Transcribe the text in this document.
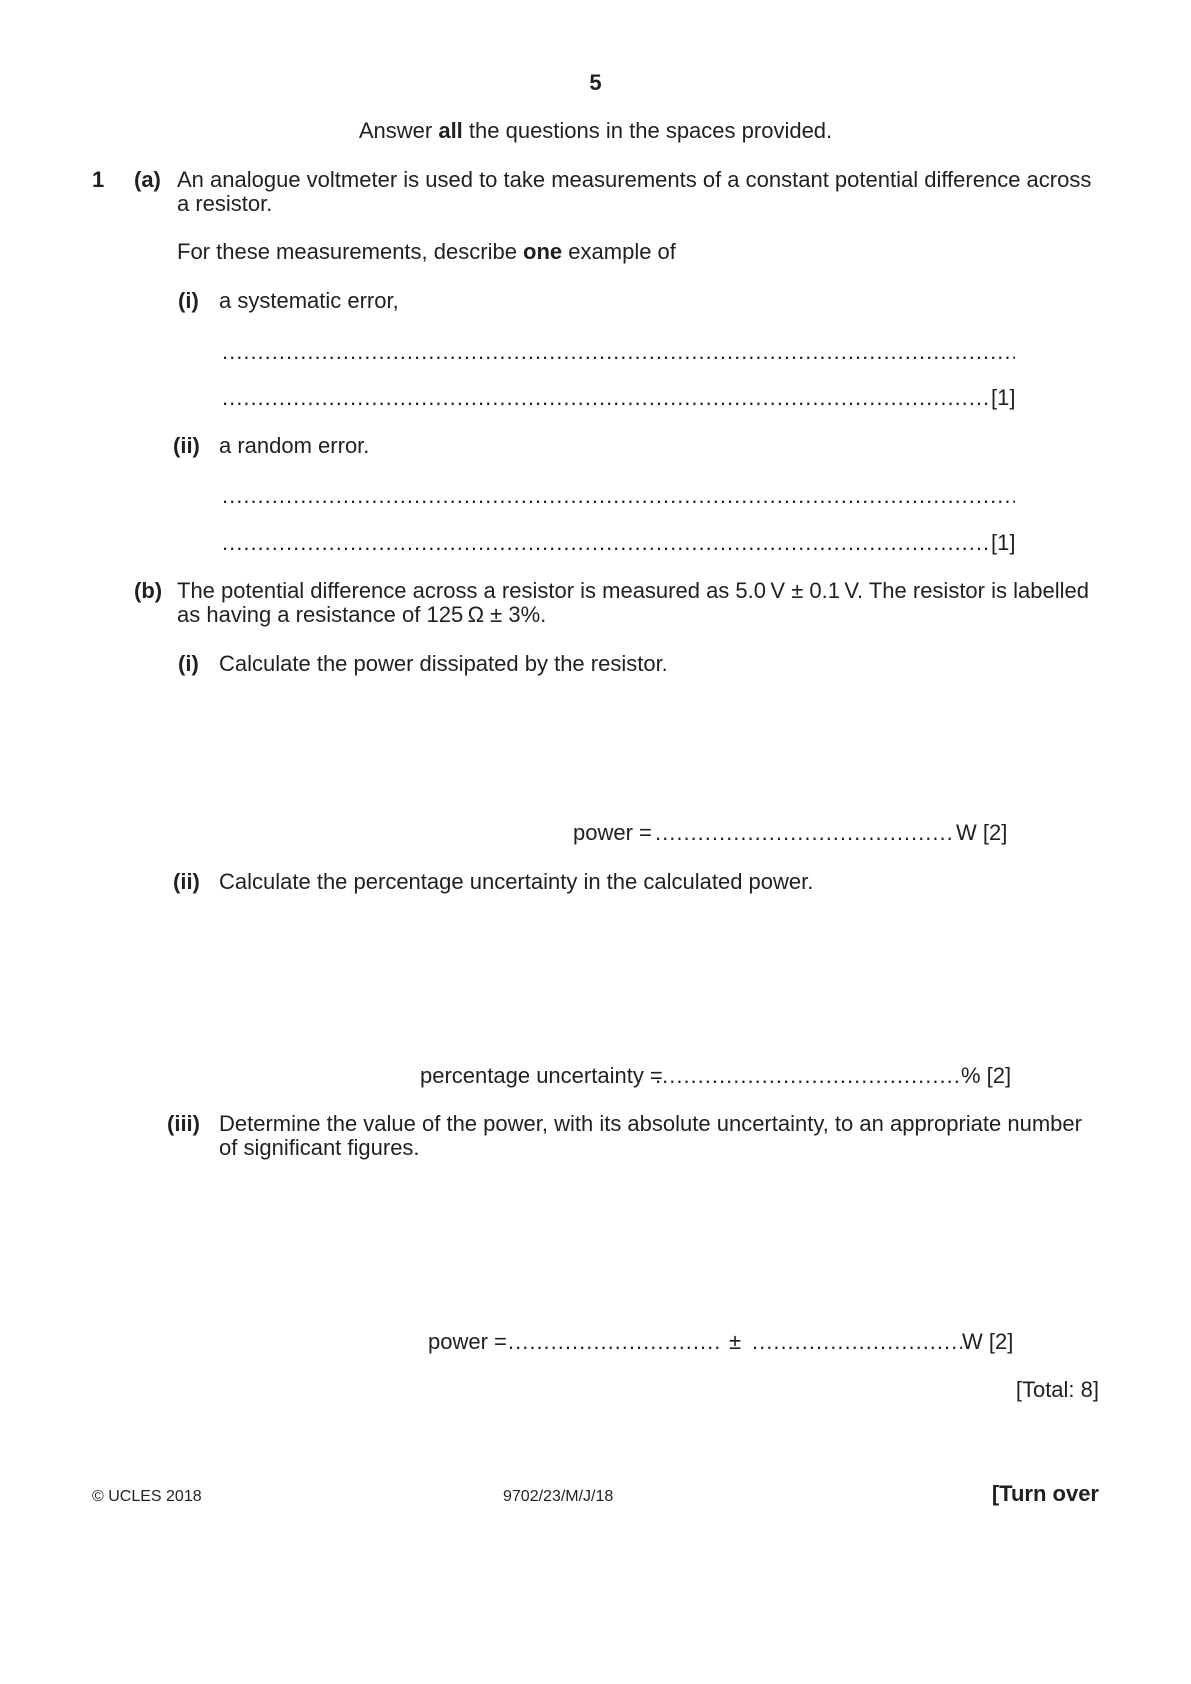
5
Answer all the questions in the spaces provided.
1 (a) An analogue voltmeter is used to take measurements of a constant potential difference across
a resistor.
For these measurements, describe one example of
(i) a systematic error,
.....
.....
[1]
(ii) a random error.
.....
.....
[1]
(b) The potential difference across a resistor is measured as 5.0 V ± 0.1 V. The resistor is labelled
as having a resistance of 125 Ω ± 3%.
(i) Calculate the power dissipated by the resistor.
power = .....	W [2]
(ii) Calculate the percentage uncertainty in the calculated power.
percentage uncertainty = .....	% [2]
(iii) Determine the value of the power, with its absolute uncertainty, to an appropriate number
of significant figures.
power = .....	± .....	W [2]
[Total: 8]
© UCLES 2018	9702/23/M/J/18	[Turn over
